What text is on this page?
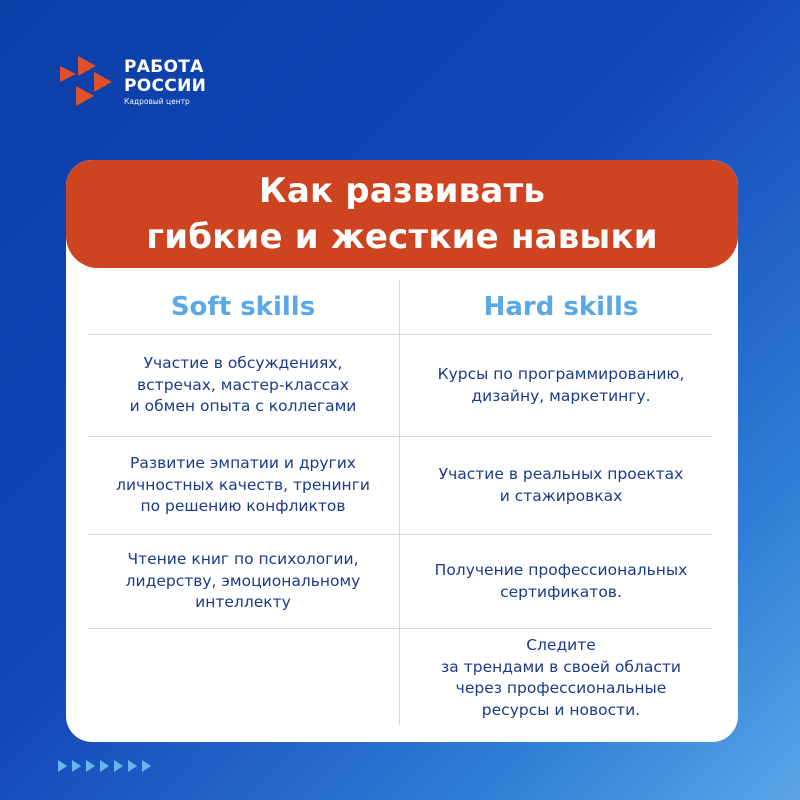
РАБОТА
РОССИИ
Кадровый центр
Как развивать
гибкие и жесткие навыки
Soft skills	Hard skills
Участие в обсуждениях,
встречах, мастер-классах
и обмен опыта с коллегами
Курсы по программированию,
дизайну, маркетингу.
Развитие эмпатии и других
личностных качеств, тренинги
по решению конфликтов
Участие в реальных проектах
и стажировках
Чтение книг по психологии,
лидерству, эмоциональному
интеллекту
Получение профессиональных
сертификатов.
Следите
за трендами в своей области
через профессиональные
ресурсы и новости.
